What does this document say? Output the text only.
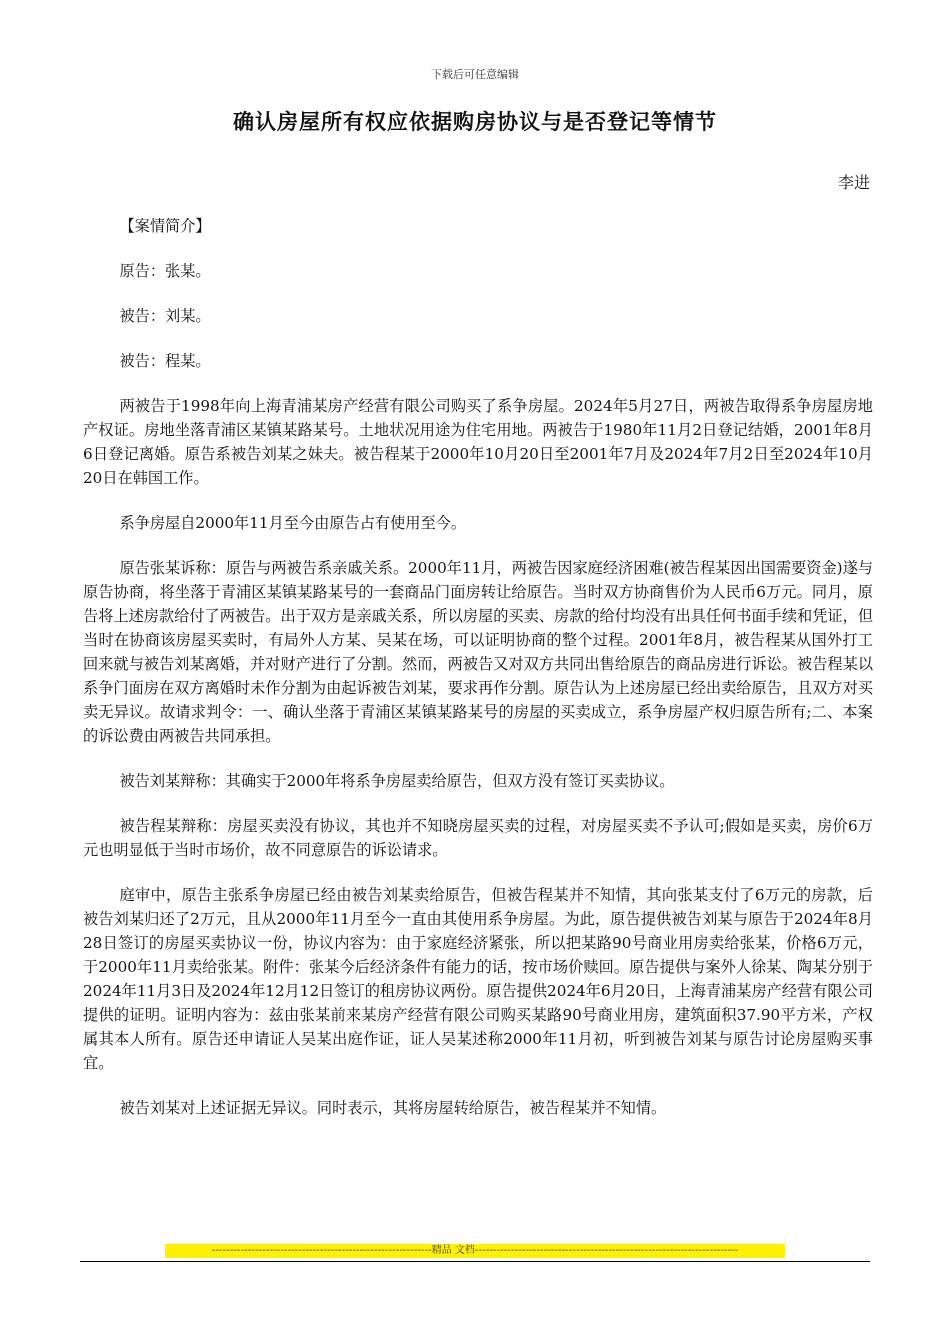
下载后可任意编辑
确认房屋所有权应依据购房协议与是否登记等情节
李进

【案情简介】

原告：张某。

被告：刘某。

被告：程某。

两被告于1998年向上海青浦某房产经营有限公司购买了系争房屋。2024年5月27日，两被告取得系争房屋房地产权证。房地坐落青浦区某镇某路某号。土地状况用途为住宅用地。两被告于1980年11月2日登记结婚，2001年8月6日登记离婚。原告系被告刘某之妹夫。被告程某于2000年10月20日至2001年7月及2024年7月2日至2024年10月20日在韩国工作。

系争房屋自2000年11月至今由原告占有使用至今。

原告张某诉称：原告与两被告系亲戚关系。2000年11月，两被告因家庭经济困难(被告程某因出国需要资金)遂与原告协商，将坐落于青浦区某镇某路某号的一套商品门面房转让给原告。当时双方协商售价为人民币6万元。同月，原告将上述房款给付了两被告。出于双方是亲戚关系，所以房屋的买卖、房款的给付均没有出具任何书面手续和凭证，但当时在协商该房屋买卖时，有局外人方某、吴某在场，可以证明协商的整个过程。2001年8月，被告程某从国外打工回来就与被告刘某离婚，并对财产进行了分割。然而，两被告又对双方共同出售给原告的商品房进行诉讼。被告程某以系争门面房在双方离婚时未作分割为由起诉被告刘某，要求再作分割。原告认为上述房屋已经出卖给原告，且双方对买卖无异议。故请求判令：一、确认坐落于青浦区某镇某路某号的房屋的买卖成立，系争房屋产权归原告所有;二、本案的诉讼费由两被告共同承担。

被告刘某辩称：其确实于2000年将系争房屋卖给原告，但双方没有签订买卖协议。

被告程某辩称：房屋买卖没有协议，其也并不知晓房屋买卖的过程，对房屋买卖不予认可;假如是买卖，房价6万元也明显低于当时市场价，故不同意原告的诉讼请求。

庭审中，原告主张系争房屋已经由被告刘某卖给原告，但被告程某并不知情，其向张某支付了6万元的房款，后被告刘某归还了2万元，且从2000年11月至今一直由其使用系争房屋。为此，原告提供被告刘某与原告于2024年8月28日签订的房屋买卖协议一份，协议内容为：由于家庭经济紧张，所以把某路90号商业用房卖给张某，价格6万元，于2000年11月卖给张某。附件：张某今后经济条件有能力的话，按市场价赎回。原告提供与案外人徐某、陶某分别于2024年11月3日及2024年12月12日签订的租房协议两份。原告提供2024年6月20日，上海青浦某房产经营有限公司提供的证明。证明内容为：兹由张某前来某房产经营有限公司购买某路90号商业用房，建筑面积37.90平方米，产权属其本人所有。原告还申请证人吴某出庭作证，证人吴某述称2000年11月初，听到被告刘某与原告讨论房屋购买事宜。

被告刘某对上述证据无异议。同时表示，其将房屋转给原告，被告程某并不知情。

-------------------------------------------------------------精品 文档-------------------------------------------------------------------------
